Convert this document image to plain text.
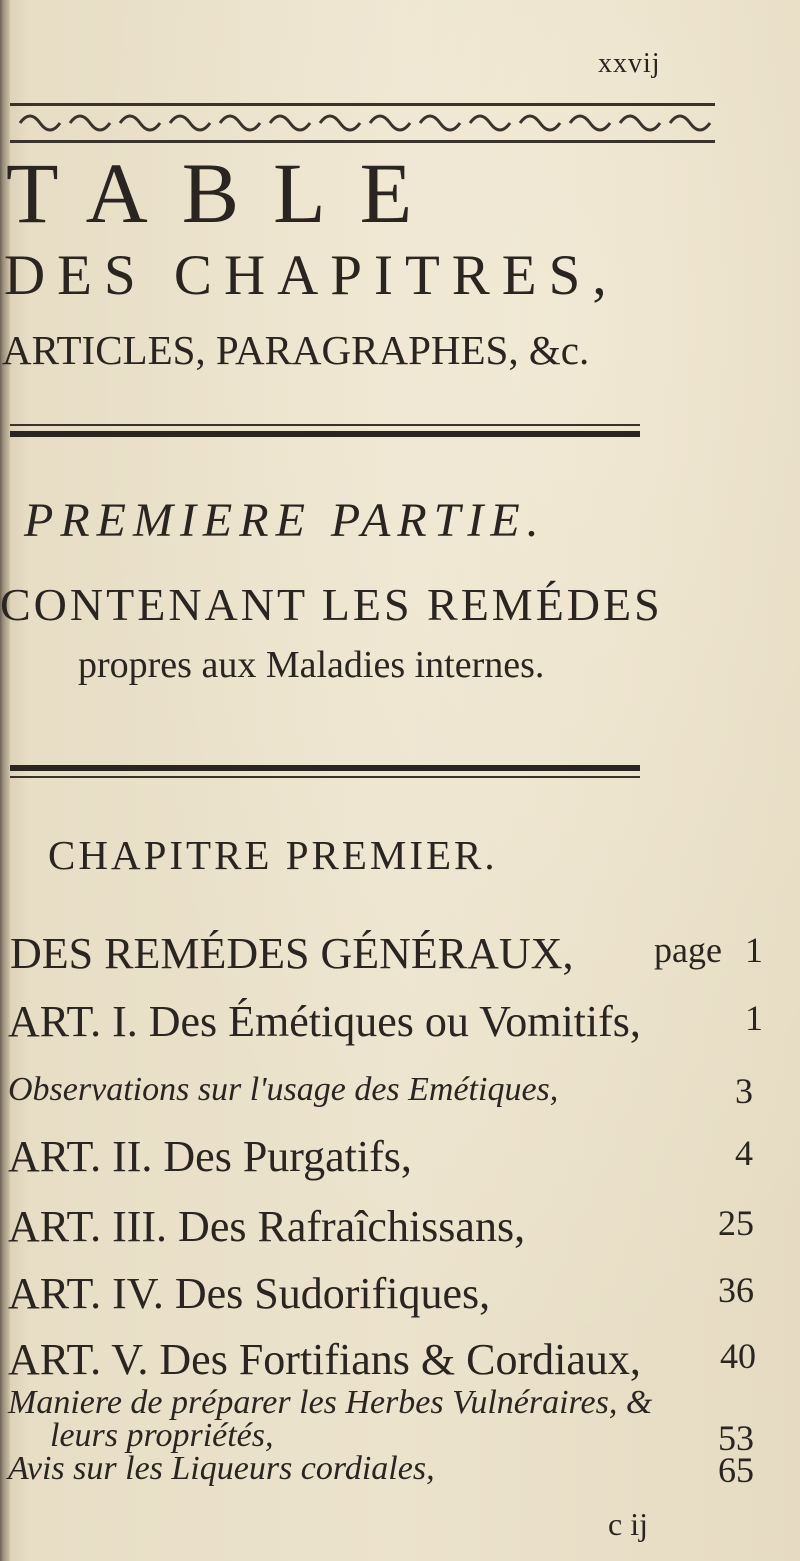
xxvij
TABLE
DES CHAPITRES,
ARTICLES, PARAGRAPHES, &c.
PREMIERE PARTIE.
CONTENANT LES REMÉDES
propres aux Maladies internes.
CHAPITRE PREMIER.
DES REMÉDES GÉNÉRAUX, page 1
ART. I. Des Émétiques ou Vomitifs,	1
Observations sur l'usage des Emétiques,	3
ART. II. Des Purgatifs,	4
ART. III. Des Rafraîchissans,	25
ART. IV. Des Sudorifiques,	36
ART. V. Des Fortifians & Cordiaux, 40
Maniere de préparer les Herbes Vulnéraires, &
leurs propriétés,	53
Avis sur les Liqueurs cordiales,	65
c ij
